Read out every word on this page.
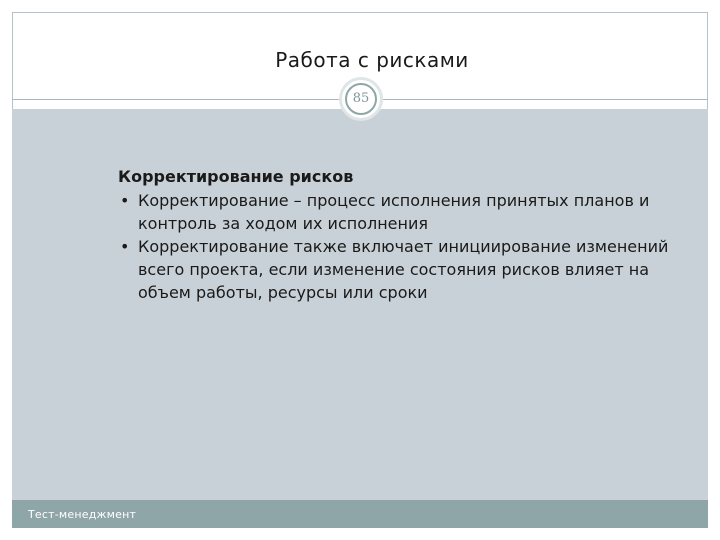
Работа с рисками
85
Корректирование рисков
• Корректирование – процесс исполнения принятых планов и контроль за ходом их исполнения
• Корректирование также включает инициирование изменений всего проекта, если изменение состояния рисков влияет на объем работы, ресурсы или сроки
Тест-менеджмент
